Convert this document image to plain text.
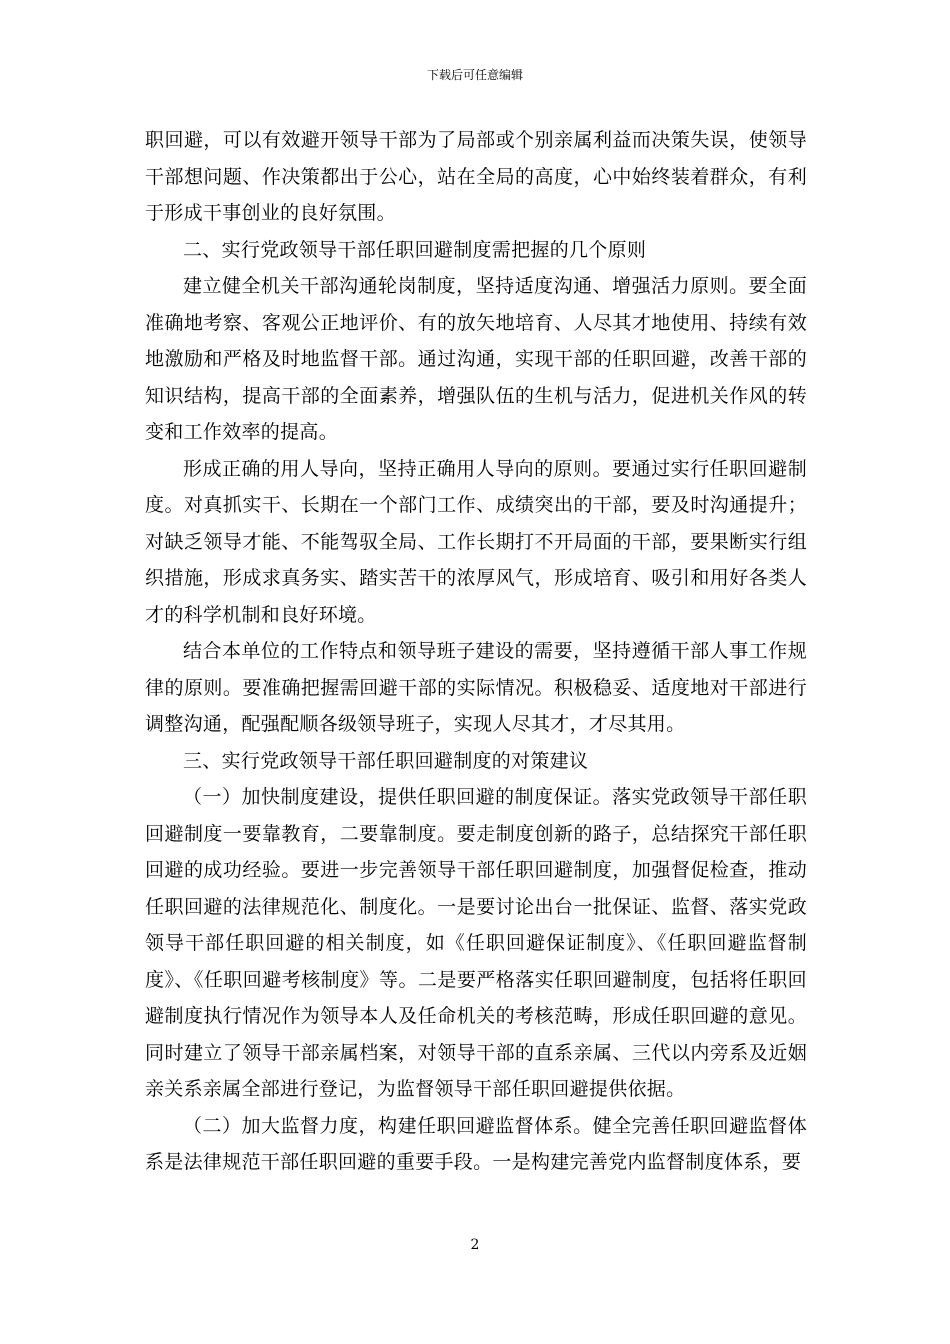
下载后可任意编辑

职回避，可以有效避开领导干部为了局部或个别亲属利益而决策失误，使领导干部想问题、作决策都出于公心，站在全局的高度，心中始终装着群众，有利于形成干事创业的良好氛围。

二、实行党政领导干部任职回避制度需把握的几个原则

建立健全机关干部沟通轮岗制度，坚持适度沟通、增强活力原则。要全面准确地考察、客观公正地评价、有的放矢地培育、人尽其才地使用、持续有效地激励和严格及时地监督干部。通过沟通，实现干部的任职回避，改善干部的知识结构，提高干部的全面素养，增强队伍的生机与活力，促进机关作风的转变和工作效率的提高。

形成正确的用人导向，坚持正确用人导向的原则。要通过实行任职回避制度。对真抓实干、长期在一个部门工作、成绩突出的干部，要及时沟通提升；对缺乏领导才能、不能驾驭全局、工作长期打不开局面的干部，要果断实行组织措施，形成求真务实、踏实苦干的浓厚风气，形成培育、吸引和用好各类人才的科学机制和良好环境。

结合本单位的工作特点和领导班子建设的需要，坚持遵循干部人事工作规律的原则。要准确把握需回避干部的实际情况。积极稳妥、适度地对干部进行调整沟通，配强配顺各级领导班子，实现人尽其才，才尽其用。

三、实行党政领导干部任职回避制度的对策建议

（一）加快制度建设，提供任职回避的制度保证。落实党政领导干部任职回避制度一要靠教育，二要靠制度。要走制度创新的路子，总结探究干部任职回避的成功经验。要进一步完善领导干部任职回避制度，加强督促检查，推动任职回避的法律规范化、制度化。一是要讨论出台一批保证、监督、落实党政领导干部任职回避的相关制度，如《任职回避保证制度》、《任职回避监督制度》、《任职回避考核制度》等。二是要严格落实任职回避制度，包括将任职回避制度执行情况作为领导本人及任命机关的考核范畴，形成任职回避的意见。同时建立了领导干部亲属档案，对领导干部的直系亲属、三代以内旁系及近姻亲关系亲属全部进行登记，为监督领导干部任职回避提供依据。

（二）加大监督力度，构建任职回避监督体系。健全完善任职回避监督体系是法律规范干部任职回避的重要手段。一是构建完善党内监督制度体系，要

2
